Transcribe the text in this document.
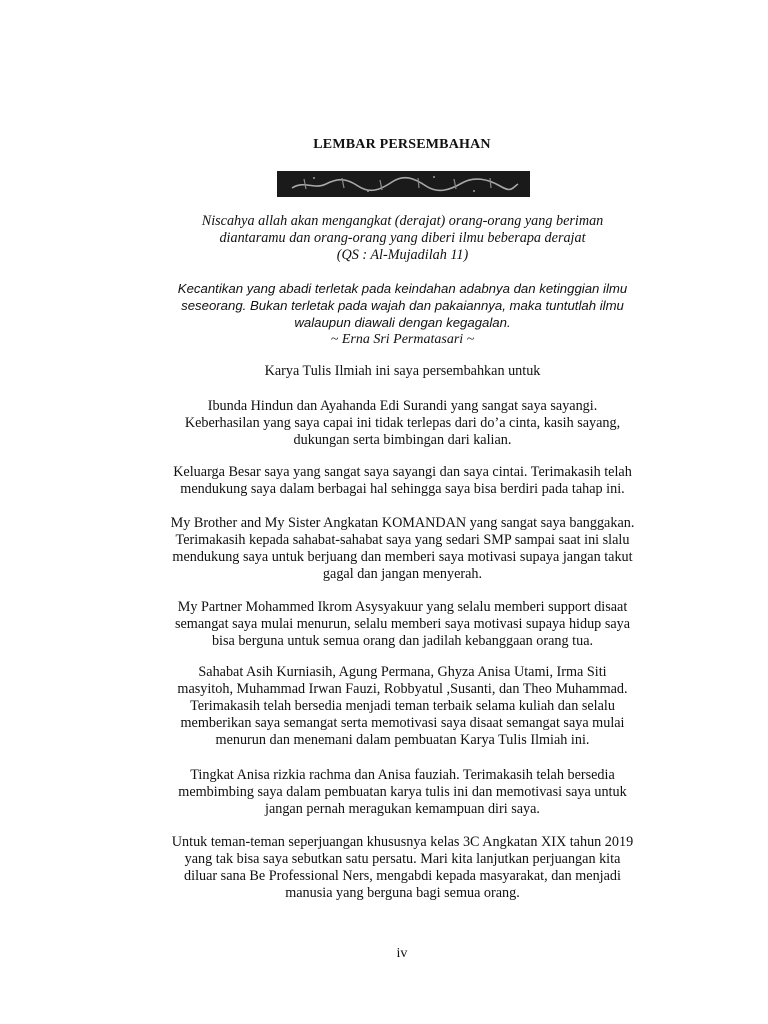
LEMBAR PERSEMBAHAN
Niscahya allah akan mengangkat (derajat) orang-orang yang beriman
diantaramu dan orang-orang yang diberi ilmu beberapa derajat
(QS : Al-Mujadilah 11)
Kecantikan yang abadi terletak pada keindahan adabnya dan ketinggian ilmu
seseorang. Bukan terletak pada wajah dan pakaiannya, maka tuntutlah ilmu
walaupun diawali dengan kegagalan.
~ Erna Sri Permatasari ~
Karya Tulis Ilmiah ini saya persembahkan untuk
Ibunda Hindun dan Ayahanda Edi Surandi yang sangat saya sayangi.
Keberhasilan yang saya capai ini tidak terlepas dari do’a cinta, kasih sayang,
dukungan serta bimbingan dari kalian.
Keluarga Besar saya yang sangat saya sayangi dan saya cintai. Terimakasih telah
mendukung saya dalam berbagai hal sehingga saya bisa berdiri pada tahap ini.
My Brother and My Sister Angkatan KOMANDAN yang sangat saya banggakan.
Terimakasih kepada sahabat-sahabat saya yang sedari SMP sampai saat ini slalu
mendukung saya untuk berjuang dan memberi saya motivasi supaya jangan takut
gagal dan jangan menyerah.
My Partner Mohammed Ikrom Asysyakuur yang selalu memberi support disaat
semangat saya mulai menurun, selalu memberi saya motivasi supaya hidup saya
bisa berguna untuk semua orang dan jadilah kebanggaan orang tua.
Sahabat Asih Kurniasih, Agung Permana, Ghyza Anisa Utami, Irma Siti
masyitoh, Muhammad Irwan Fauzi, Robbyatul ,Susanti, dan Theo Muhammad.
Terimakasih telah bersedia menjadi teman terbaik selama kuliah dan selalu
memberikan saya semangat serta memotivasi saya disaat semangat saya mulai
menurun dan menemani dalam pembuatan Karya Tulis Ilmiah ini.
Tingkat Anisa rizkia rachma dan Anisa fauziah. Terimakasih telah bersedia
membimbing saya dalam pembuatan karya tulis ini dan memotivasi saya untuk
jangan pernah meragukan kemampuan diri saya.
Untuk teman-teman seperjuangan khususnya kelas 3C Angkatan XIX tahun 2019
yang tak bisa saya sebutkan satu persatu. Mari kita lanjutkan perjuangan kita
diluar sana Be Professional Ners, mengabdi kepada masyarakat, dan menjadi
manusia yang berguna bagi semua orang.
iv
